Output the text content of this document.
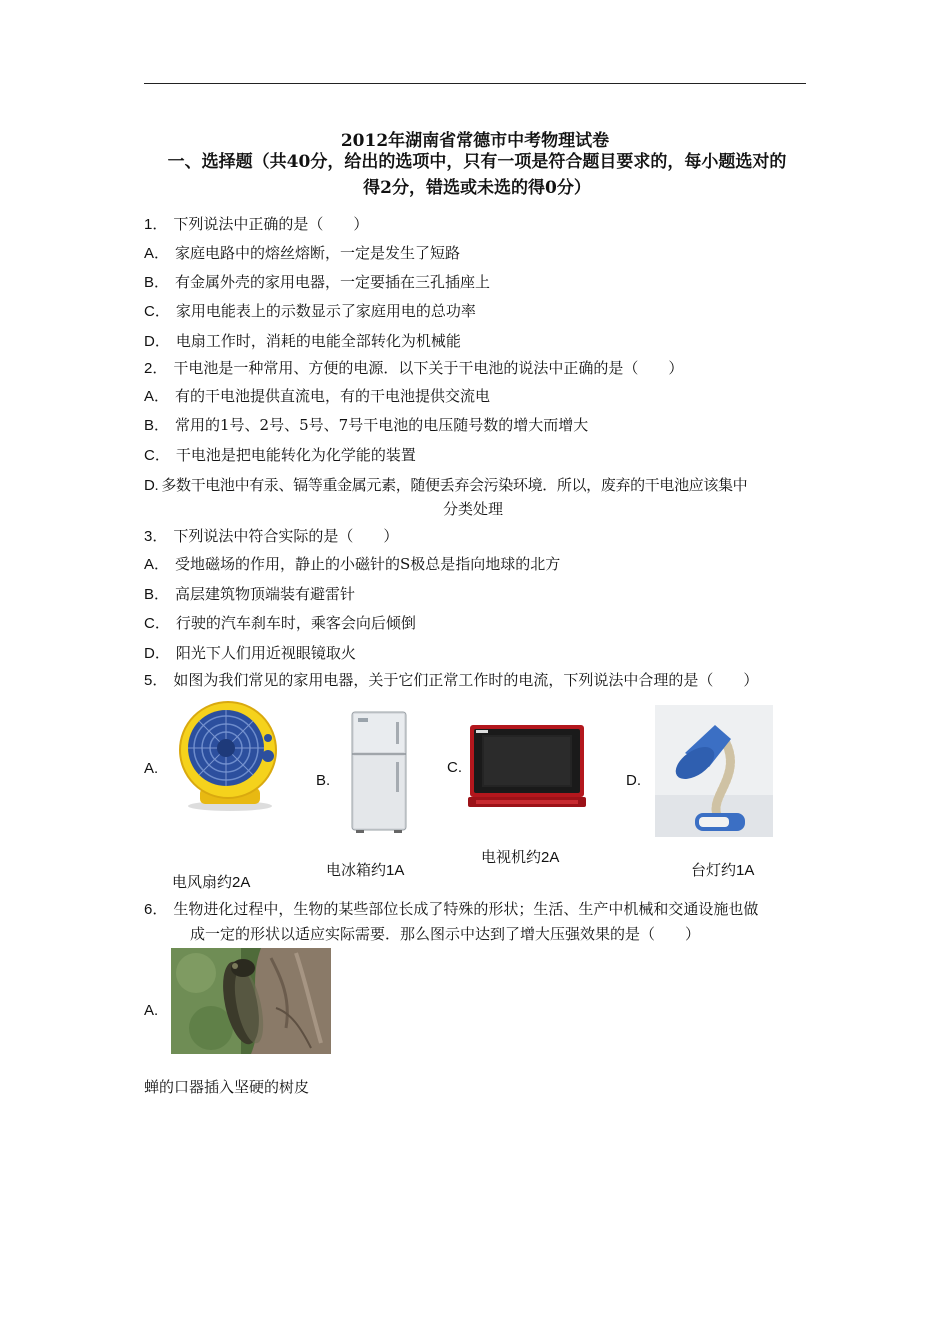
2012年湖南省常德市中考物理试卷
一、选择题（共40分，给出的选项中，只有一项是符合题目要求的，每小题选对的
得2分，错选或未选的得0分）
1． 下列说法中正确的是（　　）
A． 家庭电路中的熔丝熔断，一定是发生了短路
B． 有金属外壳的家用电器，一定要插在三孔插座上
C． 家用电能表上的示数显示了家庭用电的总功率
D． 电扇工作时，消耗的电能全部转化为机械能
2． 干电池是一种常用、方便的电源．以下关于干电池的说法中正确的是（　　）
A． 有的干电池提供直流电，有的干电池提供交流电
B． 常用的1号、2号、5号、7号干电池的电压随号数的增大而增大
C． 干电池是把电能转化为化学能的装置
D. 多数干电池中有汞、镉等重金属元素，随便丢弃会污染环境．所以，废弃的干电池应该集中
分类处理
3． 下列说法中符合实际的是（　　）
A． 受地磁场的作用，静止的小磁针的S极总是指向地球的北方
B． 高层建筑物顶端装有避雷针
C． 行驶的汽车刹车时，乘客会向后倾倒
D． 阳光下人们用近视眼镜取火
5． 如图为我们常见的家用电器，关于它们正常工作时的电流，下列说法中合理的是（　　）
A.
电风扇约2A
B.
电冰箱约1A
C.
电视机约2A
D.
台灯约1A
6． 生物进化过程中，生物的某些部位长成了特殊的形状；生活、生产中机械和交通设施也做
成一定的形状以适应实际需要．那么图示中达到了增大压强效果的是（　　）
A.
蝉的口器插入坚硬的树皮
